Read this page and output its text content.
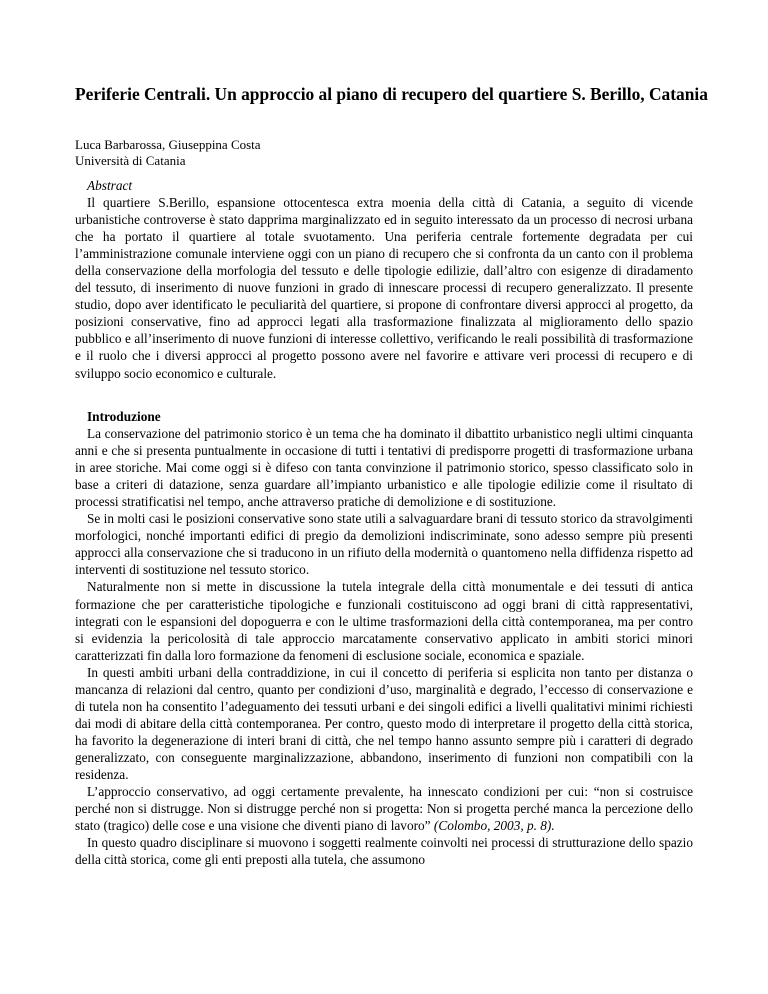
Periferie Centrali. Un approccio al piano di recupero del quartiere S. Berillo, Catania
Luca Barbarossa, Giuseppina Costa
Università di Catania

Abstract

Il quartiere S.Berillo, espansione ottocentesca extra moenia della città di Catania, a seguito di vicende urbanistiche controverse è stato dapprima marginalizzato ed in seguito interessato da un processo di necrosi urbana che ha portato il quartiere al totale svuotamento. Una periferia centrale fortemente degradata per cui l’amministrazione comunale interviene oggi con un piano di recupero che si confronta da un canto con il problema della conservazione della morfologia del tessuto e delle tipologie edilizie, dall’altro con esigenze di diradamento del tessuto, di inserimento di nuove funzioni in grado di innescare processi di recupero generalizzato. Il presente studio, dopo aver identificato le peculiarità del quartiere, si propone di confrontare diversi approcci al progetto, da posizioni conservative, fino ad approcci legati alla trasformazione finalizzata al miglioramento dello spazio pubblico e all’inserimento di nuove funzioni di interesse collettivo, verificando le reali possibilità di trasformazione e il ruolo che i diversi approcci al progetto possono avere nel favorire e attivare veri processi di recupero e di sviluppo socio economico e culturale.

Introduzione

La conservazione del patrimonio storico è un tema che ha dominato il dibattito urbanistico negli ultimi cinquanta anni e che si presenta puntualmente in occasione di tutti i tentativi di predisporre progetti di trasformazione urbana in aree storiche. Mai come oggi si è difeso con tanta convinzione il patrimonio storico, spesso classificato solo in base a criteri di datazione, senza guardare all’impianto urbanistico e alle tipologie edilizie come il risultato di processi stratificatisi nel tempo, anche attraverso pratiche di demolizione e di sostituzione.

Se in molti casi le posizioni conservative sono state utili a salvaguardare brani di tessuto storico da stravolgimenti morfologici, nonché importanti edifici di pregio da demolizioni indiscriminate, sono adesso sempre più presenti approcci alla conservazione che si traducono in un rifiuto della modernità o quantomeno nella diffidenza rispetto ad interventi di sostituzione nel tessuto storico.

Naturalmente non si mette in discussione la tutela integrale della città monumentale e dei tessuti di antica formazione che per caratteristiche tipologiche e funzionali costituiscono ad oggi brani di città rappresentativi, integrati con le espansioni del dopoguerra e con le ultime trasformazioni della città contemporanea, ma per contro si evidenzia la pericolosità di tale approccio marcatamente conservativo applicato in ambiti storici minori caratterizzati fin dalla loro formazione da fenomeni di esclusione sociale, economica e spaziale.

In questi ambiti urbani della contraddizione, in cui il concetto di periferia si esplicita non tanto per distanza o mancanza di relazioni dal centro, quanto per condizioni d’uso, marginalità e degrado, l’eccesso di conservazione e di tutela non ha consentito l’adeguamento dei tessuti urbani e dei singoli edifici a livelli qualitativi minimi richiesti dai modi di abitare della città contemporanea. Per contro, questo modo di interpretare il progetto della città storica, ha favorito la degenerazione di interi brani di città, che nel tempo hanno assunto sempre più i caratteri di degrado generalizzato, con conseguente marginalizzazione, abbandono, inserimento di funzioni non compatibili con la residenza.

L’approccio conservativo, ad oggi certamente prevalente, ha innescato condizioni per cui: “non si costruisce perché non si distrugge. Non si distrugge perché non si progetta: Non si progetta perché manca la percezione dello stato (tragico) delle cose e una visione che diventi piano di lavoro” (Colombo, 2003, p. 8).

In questo quadro disciplinare si muovono i soggetti realmente coinvolti nei processi di strutturazione dello spazio della città storica, come gli enti preposti alla tutela, che assumono
